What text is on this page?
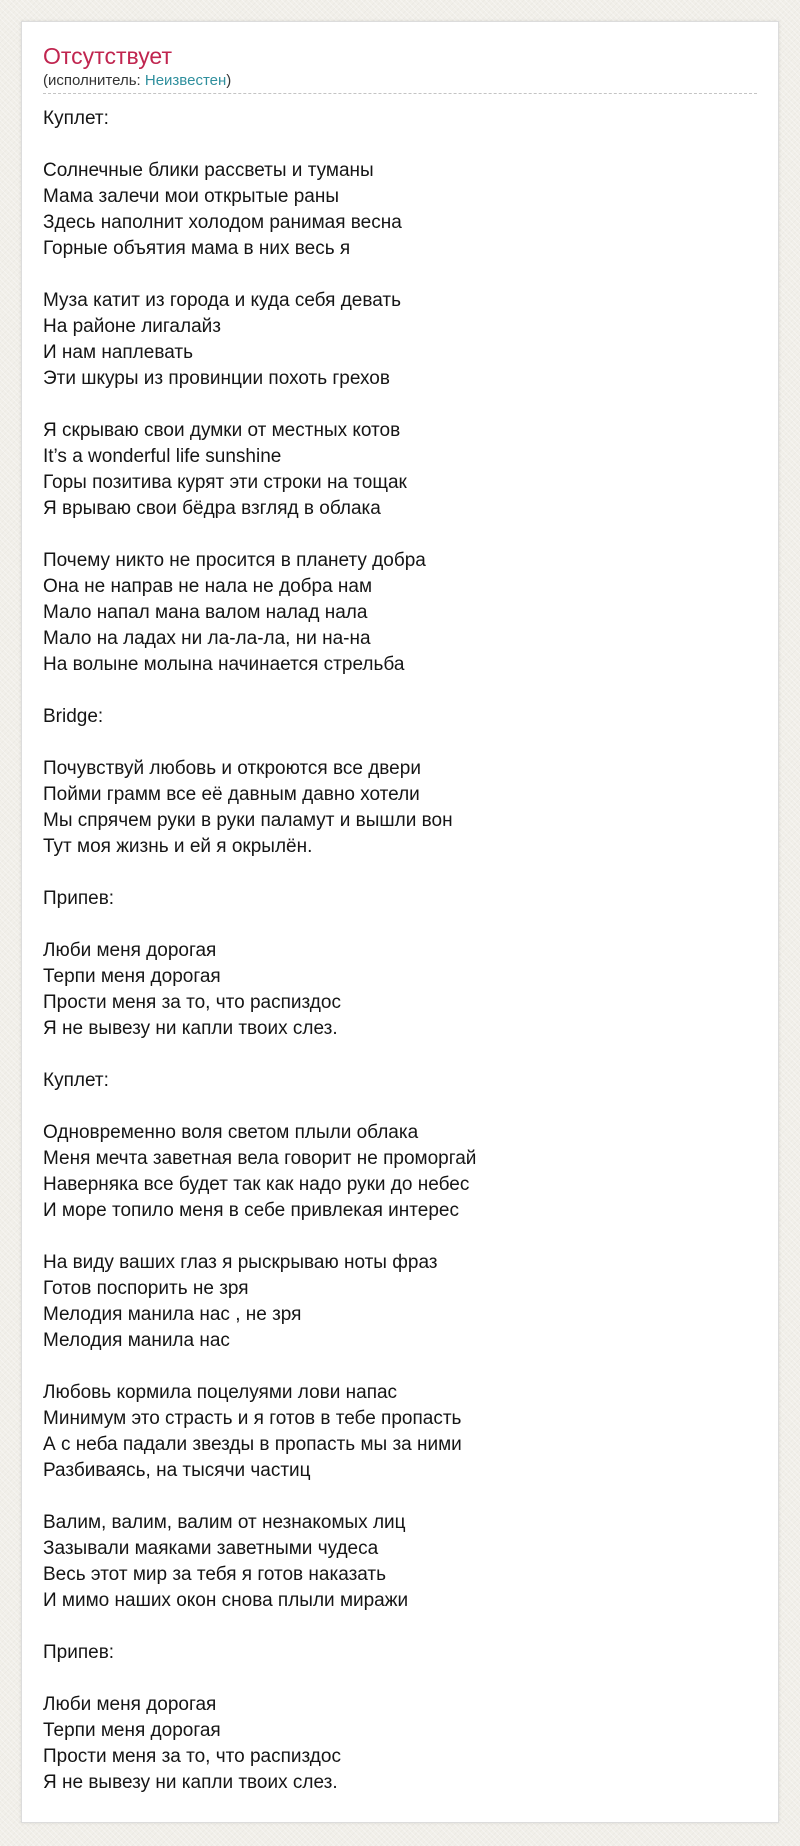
Отсутствует
(исполнитель: Неизвестен)
Куплет:
Солнечные блики рассветы и туманы
Мама залечи мои открытые раны
Здесь наполнит холодом ранимая весна
Горные объятия мама в них весь я
Муза катит из города и куда себя девать
На районе лигалайз
И нам наплевать
Эти шкуры из провинции похоть грехов
Я скрываю свои думки от местных котов
It’s a wonderful life sunshine
Горы позитива курят эти строки на тощак
Я врываю свои бёдра взгляд в облака
Почему никто не просится в планету добра
Она не направ не нала не добра нам
Мало напал мана валом налад нала
Мало на ладах ни ла-ла-ла, ни на-на
На волыне молына начинается стрельба
Bridge:
Почувствуй любовь и откроются все двери
Пойми грамм все её давным давно хотели
Мы спрячем руки в руки паламут и вышли вон
Тут моя жизнь и ей я окрылён.
Припев:
Люби меня дорогая
Терпи меня дорогая
Прости меня за то, что распиздос
Я не вывезу ни капли твоих слез.
Куплет:
Одновременно воля светом плыли облака
Меня мечта заветная вела говорит не проморгай
Наверняка все будет так как надо руки до небес
И море топило меня в себе привлекая интерес
На виду ваших глаз я рыскрываю ноты фраз
Готов поспорить не зря
Мелодия манила нас , не зря
Мелодия манила нас
Любовь кормила поцелуями лови напас
Минимум это страсть и я готов в тебе пропасть
А с неба падали звезды в пропасть мы за ними
Разбиваясь, на тысячи частиц
Валим, валим, валим от незнакомых лиц
Зазывали маяками заветными чудеса
Весь этот мир за тебя я готов наказать
И мимо наших окон снова плыли миражи
Припев:
Люби меня дорогая
Терпи меня дорогая
Прости меня за то, что распиздос
Я не вывезу ни капли твоих слез.
